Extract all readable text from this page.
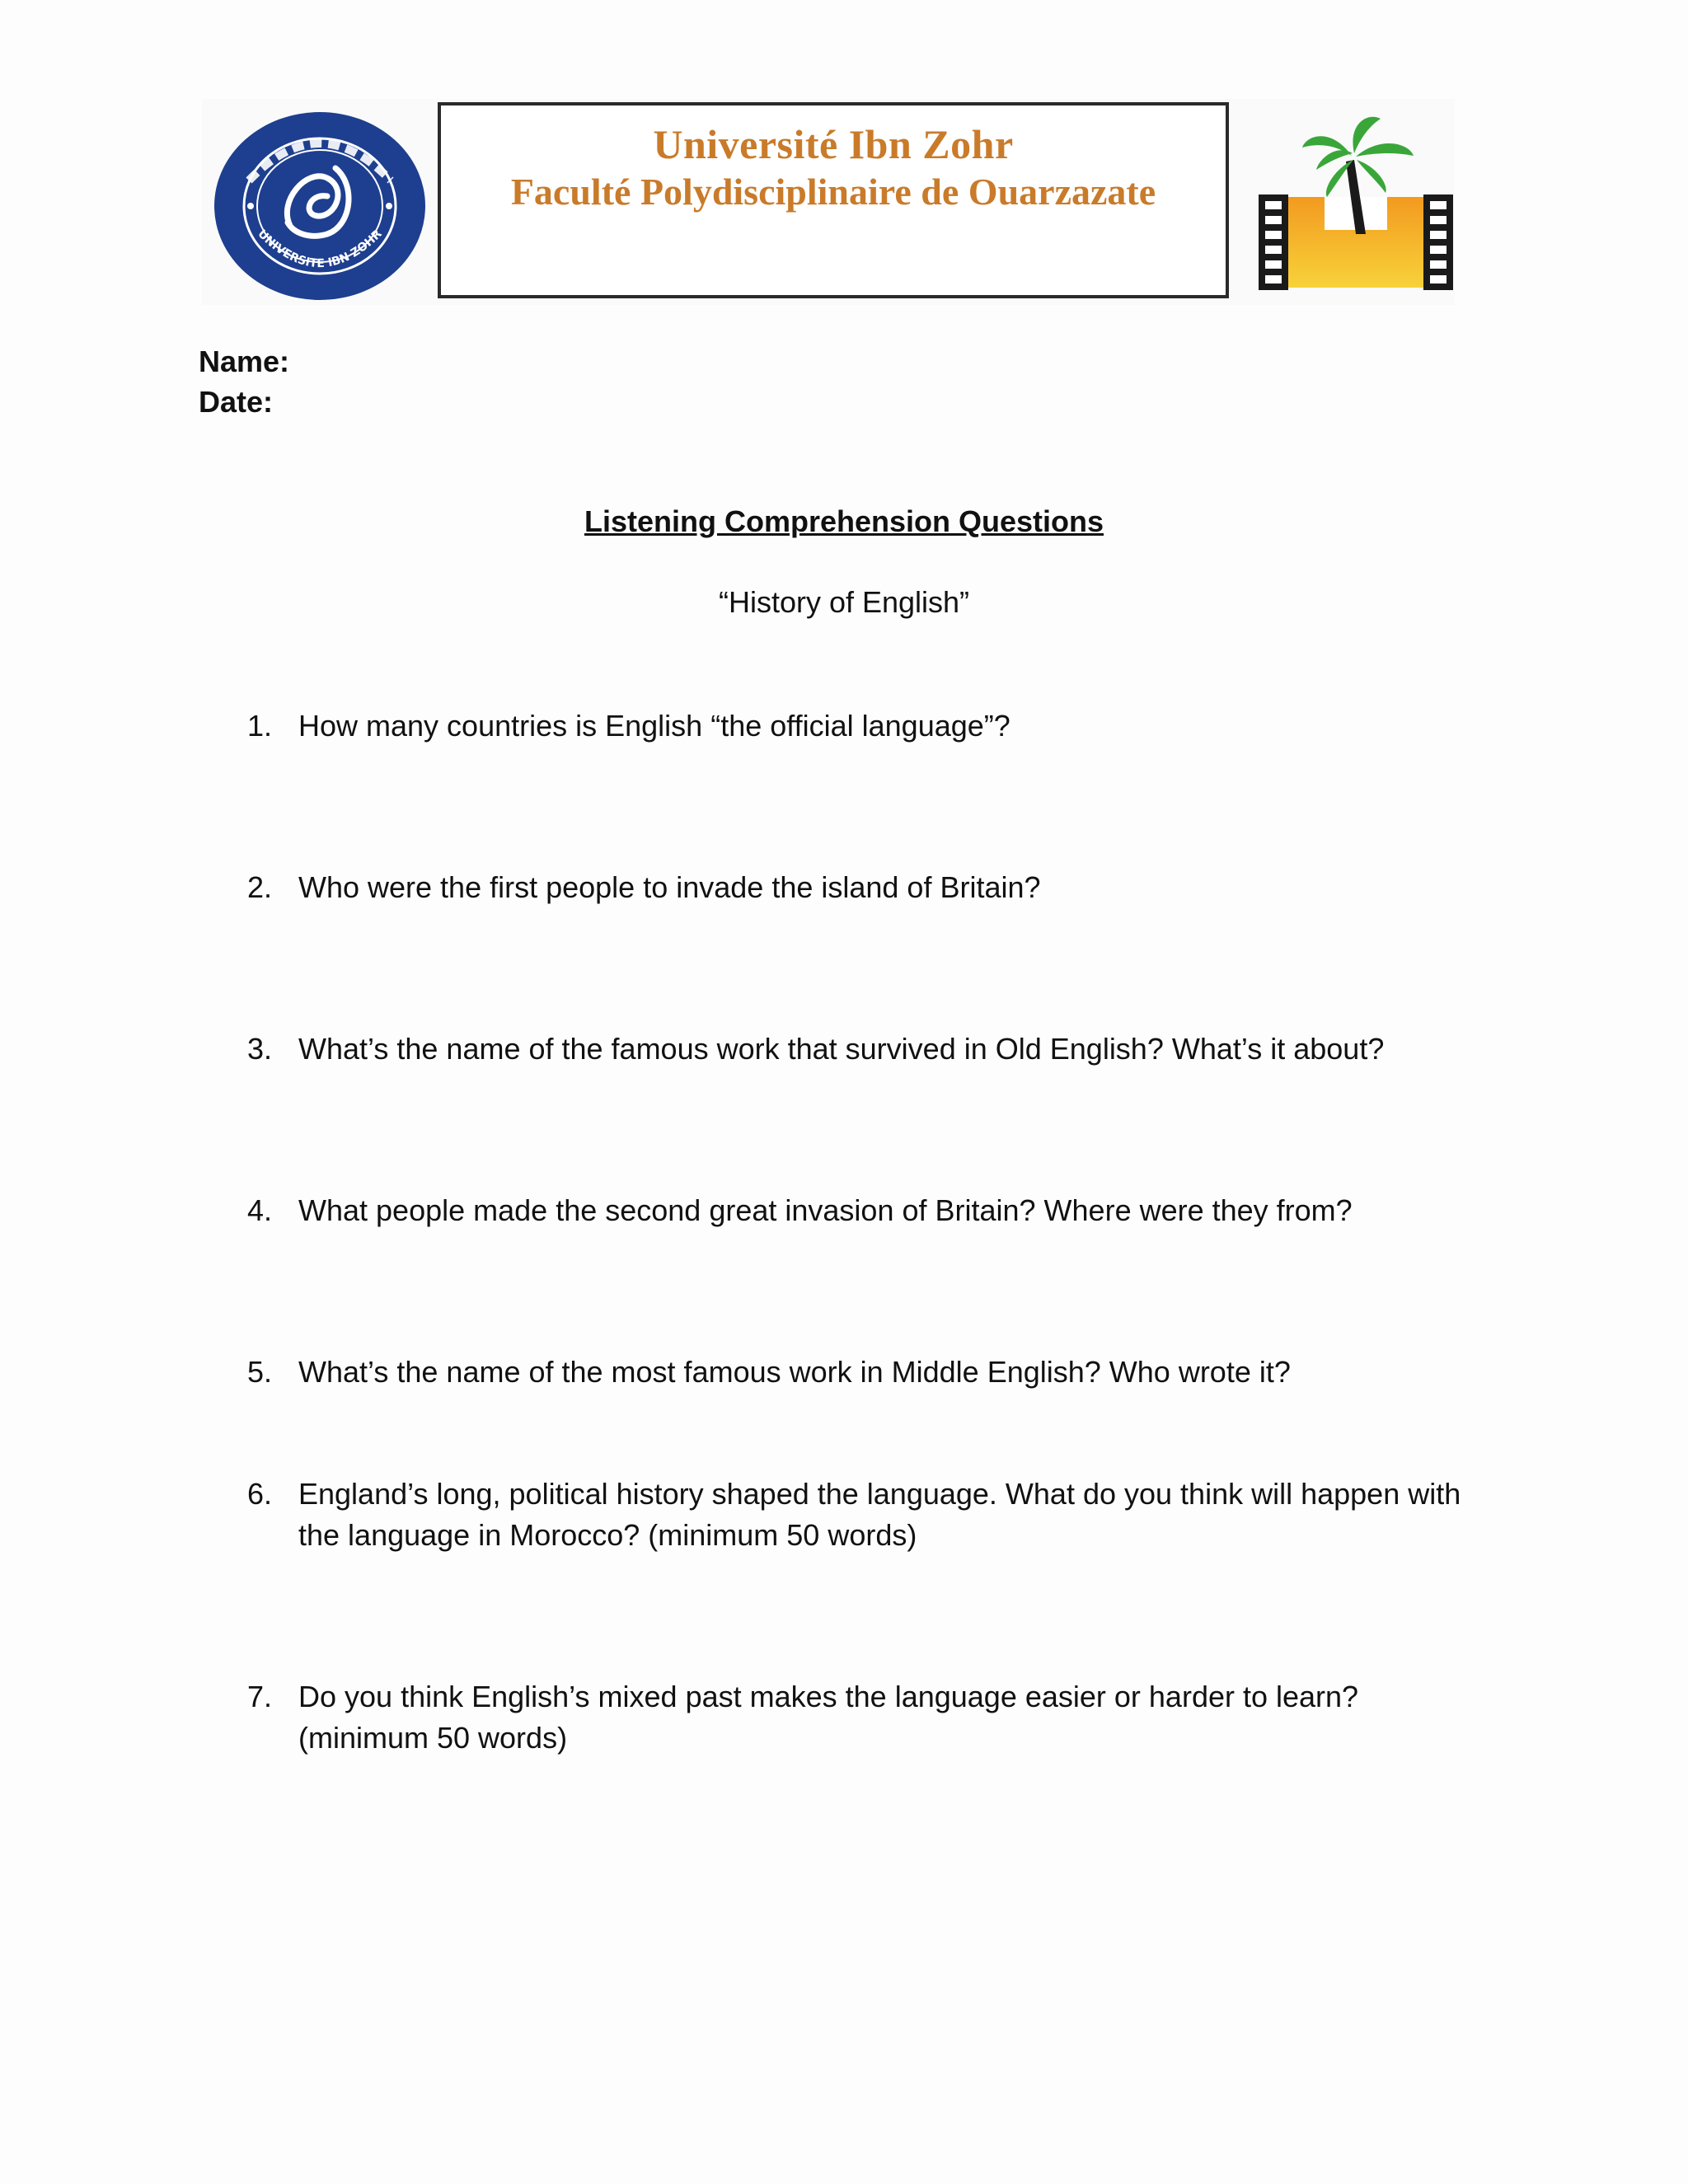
UNIVERSITE IBN ZOHR
Université Ibn Zohr
Faculté Polydisciplinaire de Ouarzazate
Name:
Date:
Listening Comprehension Questions
“History of English”
1. How many countries is English “the official language”?
2. Who were the first people to invade the island of Britain?
3. What’s the name of the famous work that survived in Old English? What’s it about?
4. What people made the second great invasion of Britain? Where were they from?
5. What’s the name of the most famous work in Middle English? Who wrote it?
6. England’s long, political history shaped the language. What do you think will happen with the language in Morocco? (minimum 50 words)
7. Do you think English’s mixed past makes the language easier or harder to learn? (minimum 50 words)
